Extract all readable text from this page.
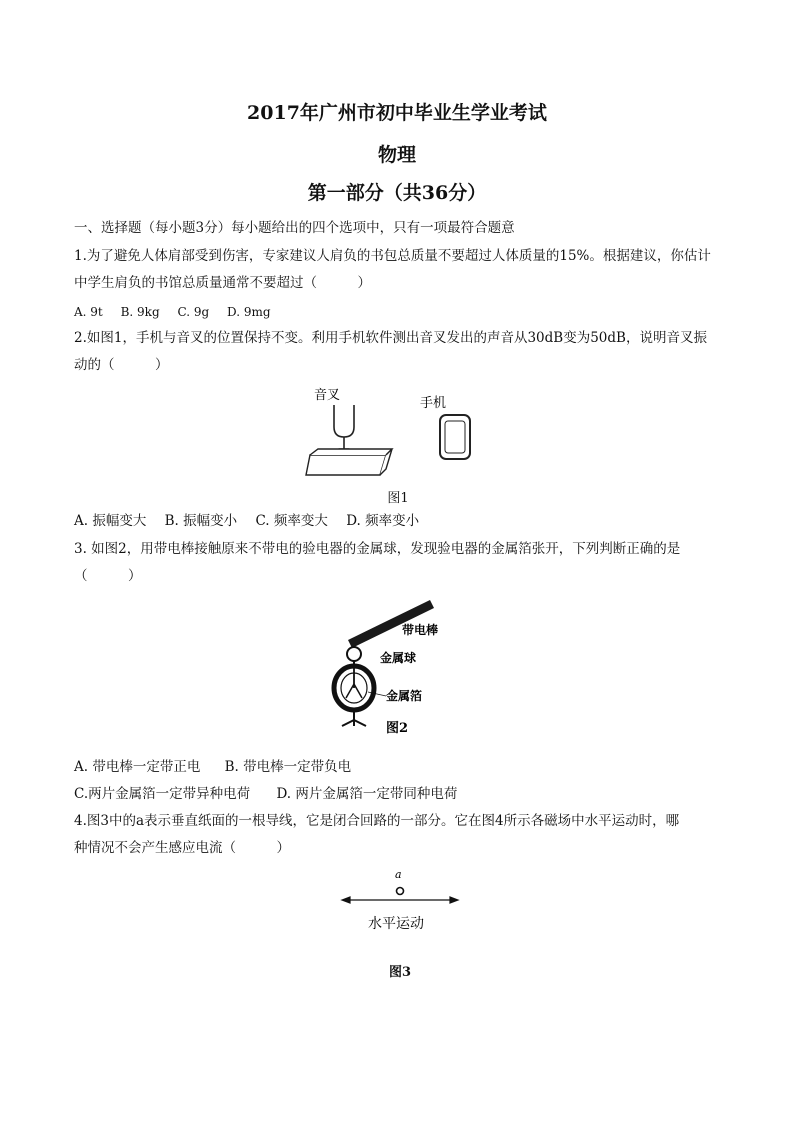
2017年广州市初中毕业生学业考试
物理
第一部分（共36分）
一、选择题（每小题3分）每小题给出的四个选项中，只有一项最符合题意
1.为了避免人体肩部受到伤害，专家建议人肩负的书包总质量不要超过人体质量的15%。根据建议，你估计
中学生肩负的书馆总质量通常不要超过（　　　）
A. 9t B. 9kg C. 9g D. 9mg
2.如图1，手机与音叉的位置保持不变。利用手机软件测出音叉发出的声音从30dB变为50dB，说明音叉振
动的（　　　）
音叉
手机
图1
A. 振幅变大 B. 振幅变小 C. 频率变大 D. 频率变小
3. 如图2，用带电棒接触原来不带电的验电器的金属球，发现验电器的金属箔张开，下列判断正确的是
（　　　）
带电棒
金属球
金属箔
图2
A. 带电棒一定带正电 B. 带电棒一定带负电
C.两片金属箔一定带异种电荷 D. 两片金属箔一定带同种电荷
4.图3中的a表示垂直纸面的一根导线，它是闭合回路的一部分。它在图4所示各磁场中水平运动时，哪
种情况不会产生感应电流（　　　）
a
水平运动
图3
